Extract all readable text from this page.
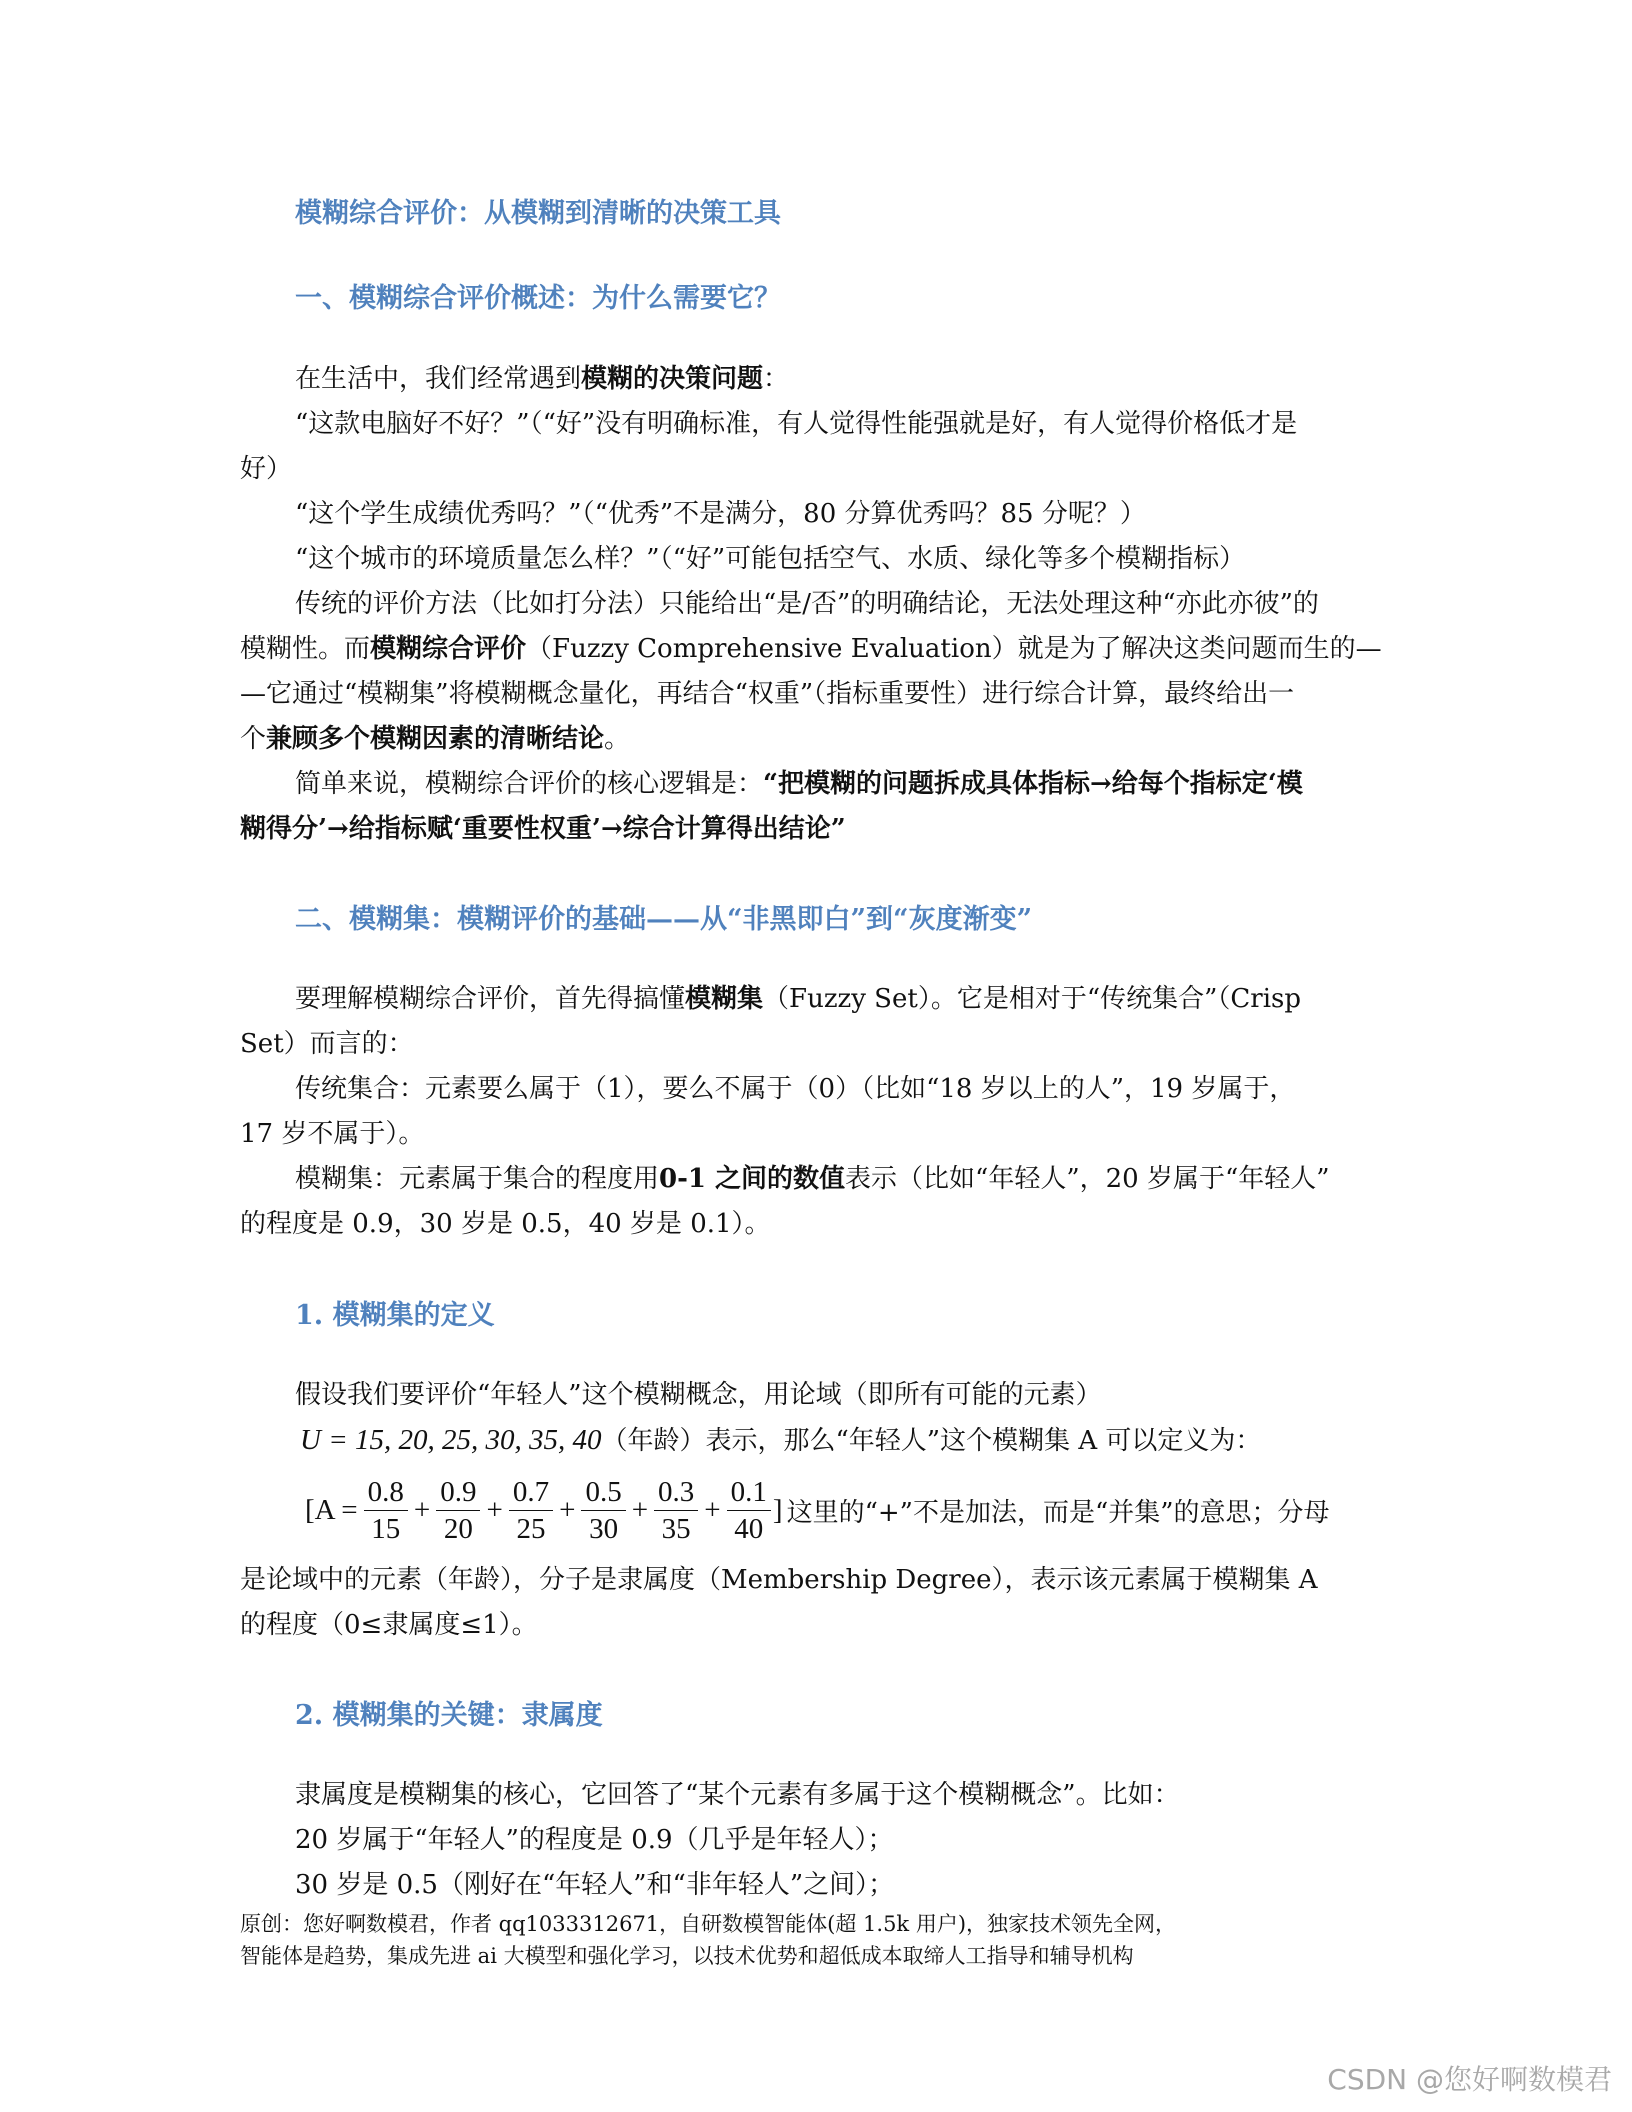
模糊综合评价：从模糊到清晰的决策工具
一、模糊综合评价概述：为什么需要它？
在生活中，我们经常遇到模糊的决策问题：
“这款电脑好不好？”（“好”没有明确标准，有人觉得性能强就是好，有人觉得价格低才是
好）
“这个学生成绩优秀吗？”（“优秀”不是满分，80 分算优秀吗？85 分呢？）
“这个城市的环境质量怎么样？”（“好”可能包括空气、水质、绿化等多个模糊指标）
传统的评价方法（比如打分法）只能给出“是/否”的明确结论，无法处理这种“亦此亦彼”的
模糊性。而模糊综合评价（Fuzzy Comprehensive Evaluation）就是为了解决这类问题而生的—
—它通过“模糊集”将模糊概念量化，再结合“权重”（指标重要性）进行综合计算，最终给出一
个兼顾多个模糊因素的清晰结论。
简单来说，模糊综合评价的核心逻辑是：“把模糊的问题拆成具体指标→给每个指标定‘模
糊得分’→给指标赋‘重要性权重’→综合计算得出结论”
二、模糊集：模糊评价的基础——从“非黑即白”到“灰度渐变”
要理解模糊综合评价，首先得搞懂模糊集（Fuzzy Set）。它是相对于“传统集合”（Crisp
Set）而言的：
传统集合：元素要么属于（1），要么不属于（0）（比如“18 岁以上的人”，19 岁属于，
17 岁不属于）。
模糊集：元素属于集合的程度用0-1 之间的数值表示（比如“年轻人”，20 岁属于“年轻人”
的程度是 0.9，30 岁是 0.5，40 岁是 0.1）。
1. 模糊集的定义
假设我们要评价“年轻人”这个模糊概念，用论域（即所有可能的元素）
U = 15, 20, 25, 30, 35, 40（年龄）表示，那么“年轻人”这个模糊集 A 可以定义为：
[$A = \frac{0.8}{15} + \frac{0.9}{20} + \frac{0.7}{25} + \frac{0.5}{30} + \frac{0.3}{35} + \frac{0.1}{40}$ ] 这里的“+”不是加法，而是“并集”的意思；分母
是论域中的元素（年龄），分子是隶属度（Membership Degree），表示该元素属于模糊集 A
的程度（0≤隶属度≤1）。
2. 模糊集的关键：隶属度
隶属度是模糊集的核心，它回答了“某个元素有多属于这个模糊概念”。比如：
20 岁属于“年轻人”的程度是 0.9（几乎是年轻人）；
30 岁是 0.5（刚好在“年轻人”和“非年轻人”之间）；
原创：您好啊数模君，作者 qq1033312671，自研数模智能体(超 1.5k 用户)，独家技术领先全网，
智能体是趋势，集成先进 ai 大模型和强化学习，以技术优势和超低成本取缔人工指导和辅导机构
CSDN @您好啊数模君
